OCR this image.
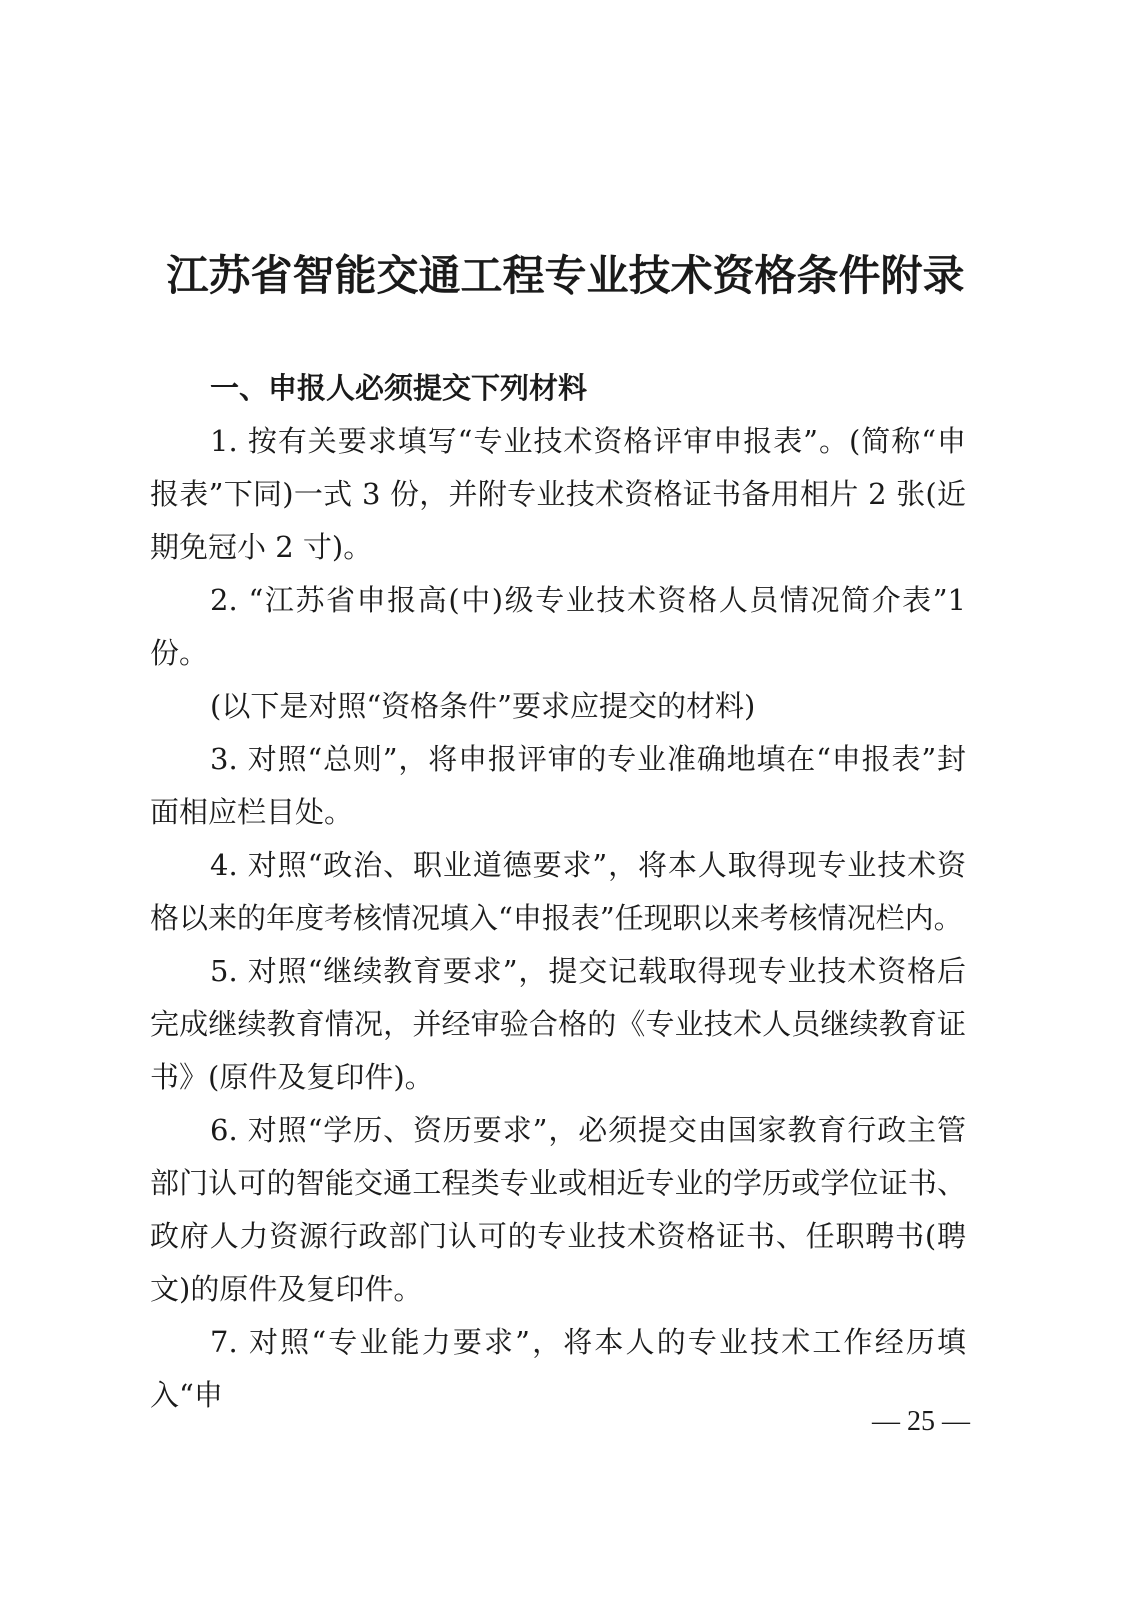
江苏省智能交通工程专业技术资格条件附录

一、申报人必须提交下列材料

1. 按有关要求填写“专业技术资格评审申报表”。(简称“申报表”下同)一式 3 份，并附专业技术资格证书备用相片 2 张(近期免冠小 2 寸)。

2. “江苏省申报高(中)级专业技术资格人员情况简介表”1份。

(以下是对照“资格条件”要求应提交的材料)

3. 对照“总则”，将申报评审的专业准确地填在“申报表”封面相应栏目处。

4. 对照“政治、职业道德要求”，将本人取得现专业技术资格以来的年度考核情况填入“申报表”任现职以来考核情况栏内。

5. 对照“继续教育要求”，提交记载取得现专业技术资格后完成继续教育情况，并经审验合格的《专业技术人员继续教育证书》(原件及复印件)。

6. 对照“学历、资历要求”，必须提交由国家教育行政主管部门认可的智能交通工程类专业或相近专业的学历或学位证书、政府人力资源行政部门认可的专业技术资格证书、任职聘书(聘文)的原件及复印件。

7. 对照“专业能力要求”，将本人的专业技术工作经历填入“申

— 25 —
